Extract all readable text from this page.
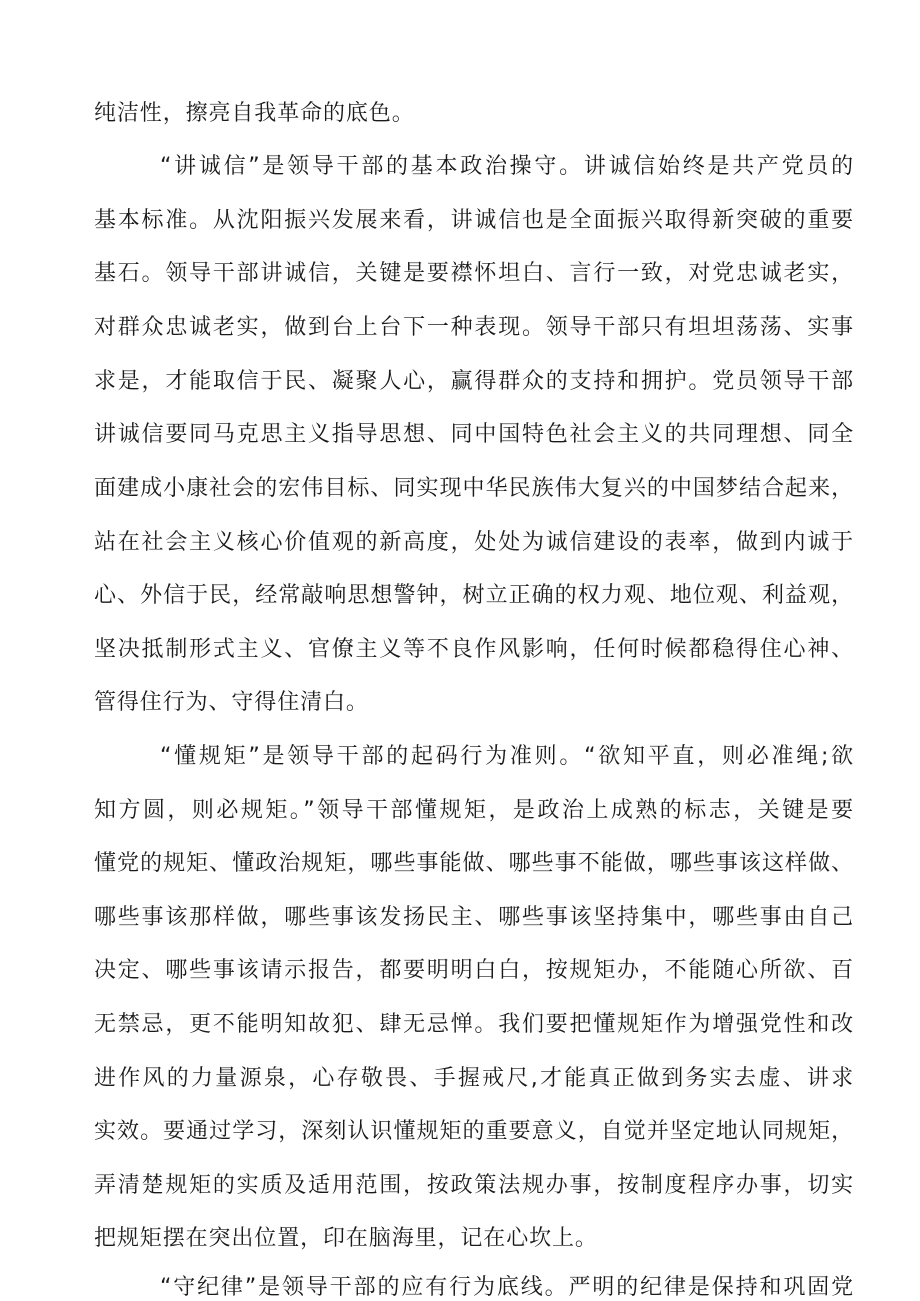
纯洁性，擦亮自我革命的底色。
“讲诚信”是领导干部的基本政治操守。讲诚信始终是共产党员的
基本标准。从沈阳振兴发展来看，讲诚信也是全面振兴取得新突破的重要
基石。领导干部讲诚信，关键是要襟怀坦白、言行一致，对党忠诚老实，
对群众忠诚老实，做到台上台下一种表现。领导干部只有坦坦荡荡、实事
求是，才能取信于民、凝聚人心，赢得群众的支持和拥护。党员领导干部
讲诚信要同马克思主义指导思想、同中国特色社会主义的共同理想、同全
面建成小康社会的宏伟目标、同实现中华民族伟大复兴的中国梦结合起来，
站在社会主义核心价值观的新高度，处处为诚信建设的表率，做到内诚于
心、外信于民，经常敲响思想警钟，树立正确的权力观、地位观、利益观，
坚决抵制形式主义、官僚主义等不良作风影响，任何时候都稳得住心神、
管得住行为、守得住清白。
“懂规矩”是领导干部的起码行为准则。“欲知平直，则必准绳;欲
知方圆，则必规矩。”领导干部懂规矩，是政治上成熟的标志，关键是要
懂党的规矩、懂政治规矩，哪些事能做、哪些事不能做，哪些事该这样做、
哪些事该那样做，哪些事该发扬民主、哪些事该坚持集中，哪些事由自己
决定、哪些事该请示报告，都要明明白白，按规矩办，不能随心所欲、百
无禁忌，更不能明知故犯、肆无忌惮。我们要把懂规矩作为增强党性和改
进作风的力量源泉，心存敬畏、手握戒尺,才能真正做到务实去虚、讲求
实效。要通过学习，深刻认识懂规矩的重要意义，自觉并坚定地认同规矩，
弄清楚规矩的实质及适用范围，按政策法规办事，按制度程序办事，切实
把规矩摆在突出位置，印在脑海里，记在心坎上。
“守纪律”是领导干部的应有行为底线。严明的纪律是保持和巩固党
